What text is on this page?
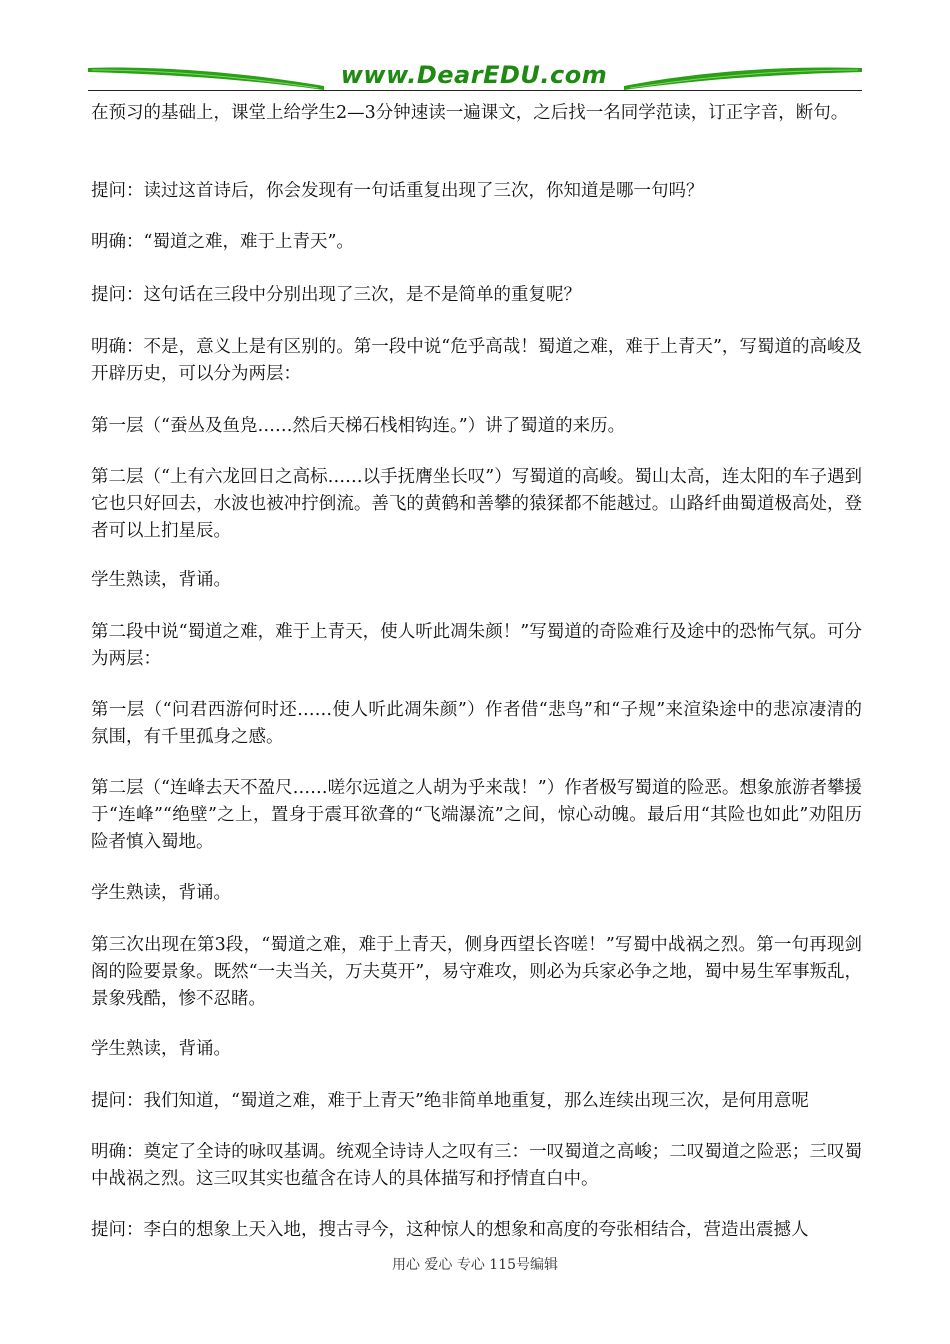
www.DearEDU.com

在预习的基础上，课堂上给学生2—3分钟速读一遍课文，之后找一名同学范读，订正字音，断句。

提问：读过这首诗后，你会发现有一句话重复出现了三次，你知道是哪一句吗？

明确：“蜀道之难，难于上青天”。

提问：这句话在三段中分别出现了三次，是不是简单的重复呢？

明确：不是，意义上是有区别的。第一段中说“危乎高哉！蜀道之难，难于上青天”，写蜀道的高峻及开辟历史，可以分为两层：

第一层（“蚕丛及鱼凫……然后天梯石栈相钩连。”）讲了蜀道的来历。

第二层（“上有六龙回日之高标……以手抚膺坐长叹”）写蜀道的高峻。蜀山太高，连太阳的车子遇到它也只好回去，水波也被冲拧倒流。善飞的黄鹤和善攀的猿猱都不能越过。山路纤曲蜀道极高处，登者可以上扪星辰。

学生熟读，背诵。

第二段中说“蜀道之难，难于上青天，使人听此凋朱颜！”写蜀道的奇险难行及途中的恐怖气氛。可分为两层：

第一层（“问君西游何时还……使人听此凋朱颜”）作者借“悲鸟”和“子规”来渲染途中的悲凉凄清的氛围，有千里孤身之感。

第二层（“连峰去天不盈尺……嗟尔远道之人胡为乎来哉！”）作者极写蜀道的险恶。想象旅游者攀援于“连峰”“绝壁”之上，置身于震耳欲聋的“飞端瀑流”之间，惊心动魄。最后用“其险也如此”劝阻历险者慎入蜀地。

学生熟读，背诵。

第三次出现在第3段，“蜀道之难，难于上青天，侧身西望长咨嗟！”写蜀中战祸之烈。第一句再现剑阁的险要景象。既然“一夫当关，万夫莫开”，易守难攻，则必为兵家必争之地，蜀中易生军事叛乱，景象残酷，惨不忍睹。

学生熟读，背诵。

提问：我们知道，“蜀道之难，难于上青天”绝非简单地重复，那么连续出现三次，是何用意呢

明确：奠定了全诗的咏叹基调。统观全诗诗人之叹有三：一叹蜀道之高峻；二叹蜀道之险恶；三叹蜀中战祸之烈。这三叹其实也蕴含在诗人的具体描写和抒情直白中。

提问：李白的想象上天入地，搜古寻今，这种惊人的想象和高度的夸张相结合，营造出震撼人

用心 爱心 专心 115号编辑
